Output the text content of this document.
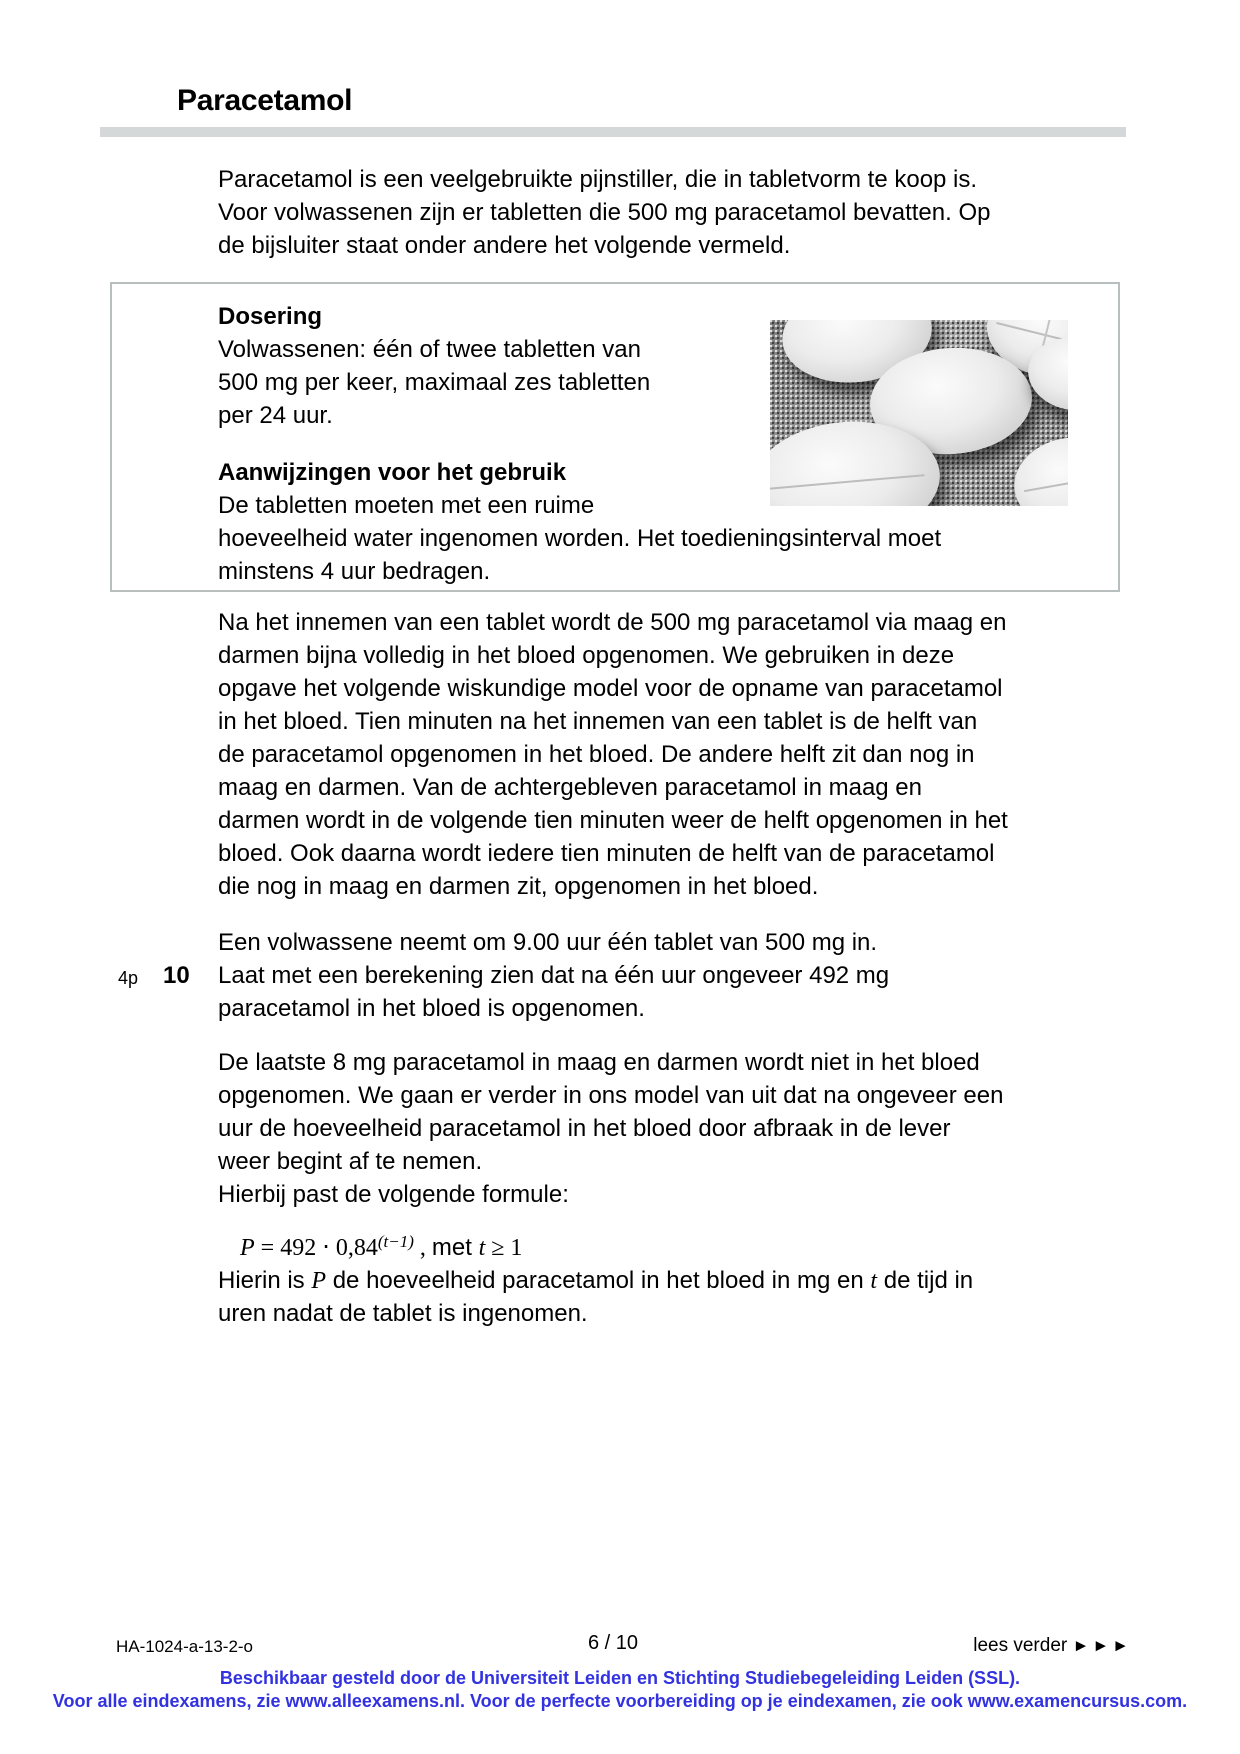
Paracetamol
Paracetamol is een veelgebruikte pijnstiller, die in tabletvorm te koop is.
Voor volwassenen zijn er tabletten die 500 mg paracetamol bevatten. Op
de bijsluiter staat onder andere het volgende vermeld.
Dosering
Volwassenen: één of twee tabletten van
500 mg per keer, maximaal zes tabletten
per 24 uur.
Aanwijzingen voor het gebruik
De tabletten moeten met een ruime
hoeveelheid water ingenomen worden. Het toedieningsinterval moet
minstens 4 uur bedragen.
Na het innemen van een tablet wordt de 500 mg paracetamol via maag en
darmen bijna volledig in het bloed opgenomen. We gebruiken in deze
opgave het volgende wiskundige model voor de opname van paracetamol
in het bloed. Tien minuten na het innemen van een tablet is de helft van
de paracetamol opgenomen in het bloed. De andere helft zit dan nog in
maag en darmen. Van de achtergebleven paracetamol in maag en
darmen wordt in de volgende tien minuten weer de helft opgenomen in het
bloed. Ook daarna wordt iedere tien minuten de helft van de paracetamol
die nog in maag en darmen zit, opgenomen in het bloed.
Een volwassene neemt om 9.00 uur één tablet van 500 mg in.
4p 10 Laat met een berekening zien dat na één uur ongeveer 492 mg
paracetamol in het bloed is opgenomen.
De laatste 8 mg paracetamol in maag en darmen wordt niet in het bloed
opgenomen. We gaan er verder in ons model van uit dat na ongeveer een
uur de hoeveelheid paracetamol in het bloed door afbraak in de lever
weer begint af te nemen.
Hierbij past de volgende formule:
$P = 492 \cdot 0,84^{(t-1)}$ , met t ≥ 1
Hierin is P de hoeveelheid paracetamol in het bloed in mg en t de tijd in
uren nadat de tablet is ingenomen.
HA-1024-a-13-2-o	6 / 10	lees verder ►►►
Beschikbaar gesteld door de Universiteit Leiden en Stichting Studiebegeleiding Leiden (SSL).
Voor alle eindexamens, zie www.alleexamens.nl. Voor de perfecte voorbereiding op je eindexamen, zie ook www.examencursus.com.
